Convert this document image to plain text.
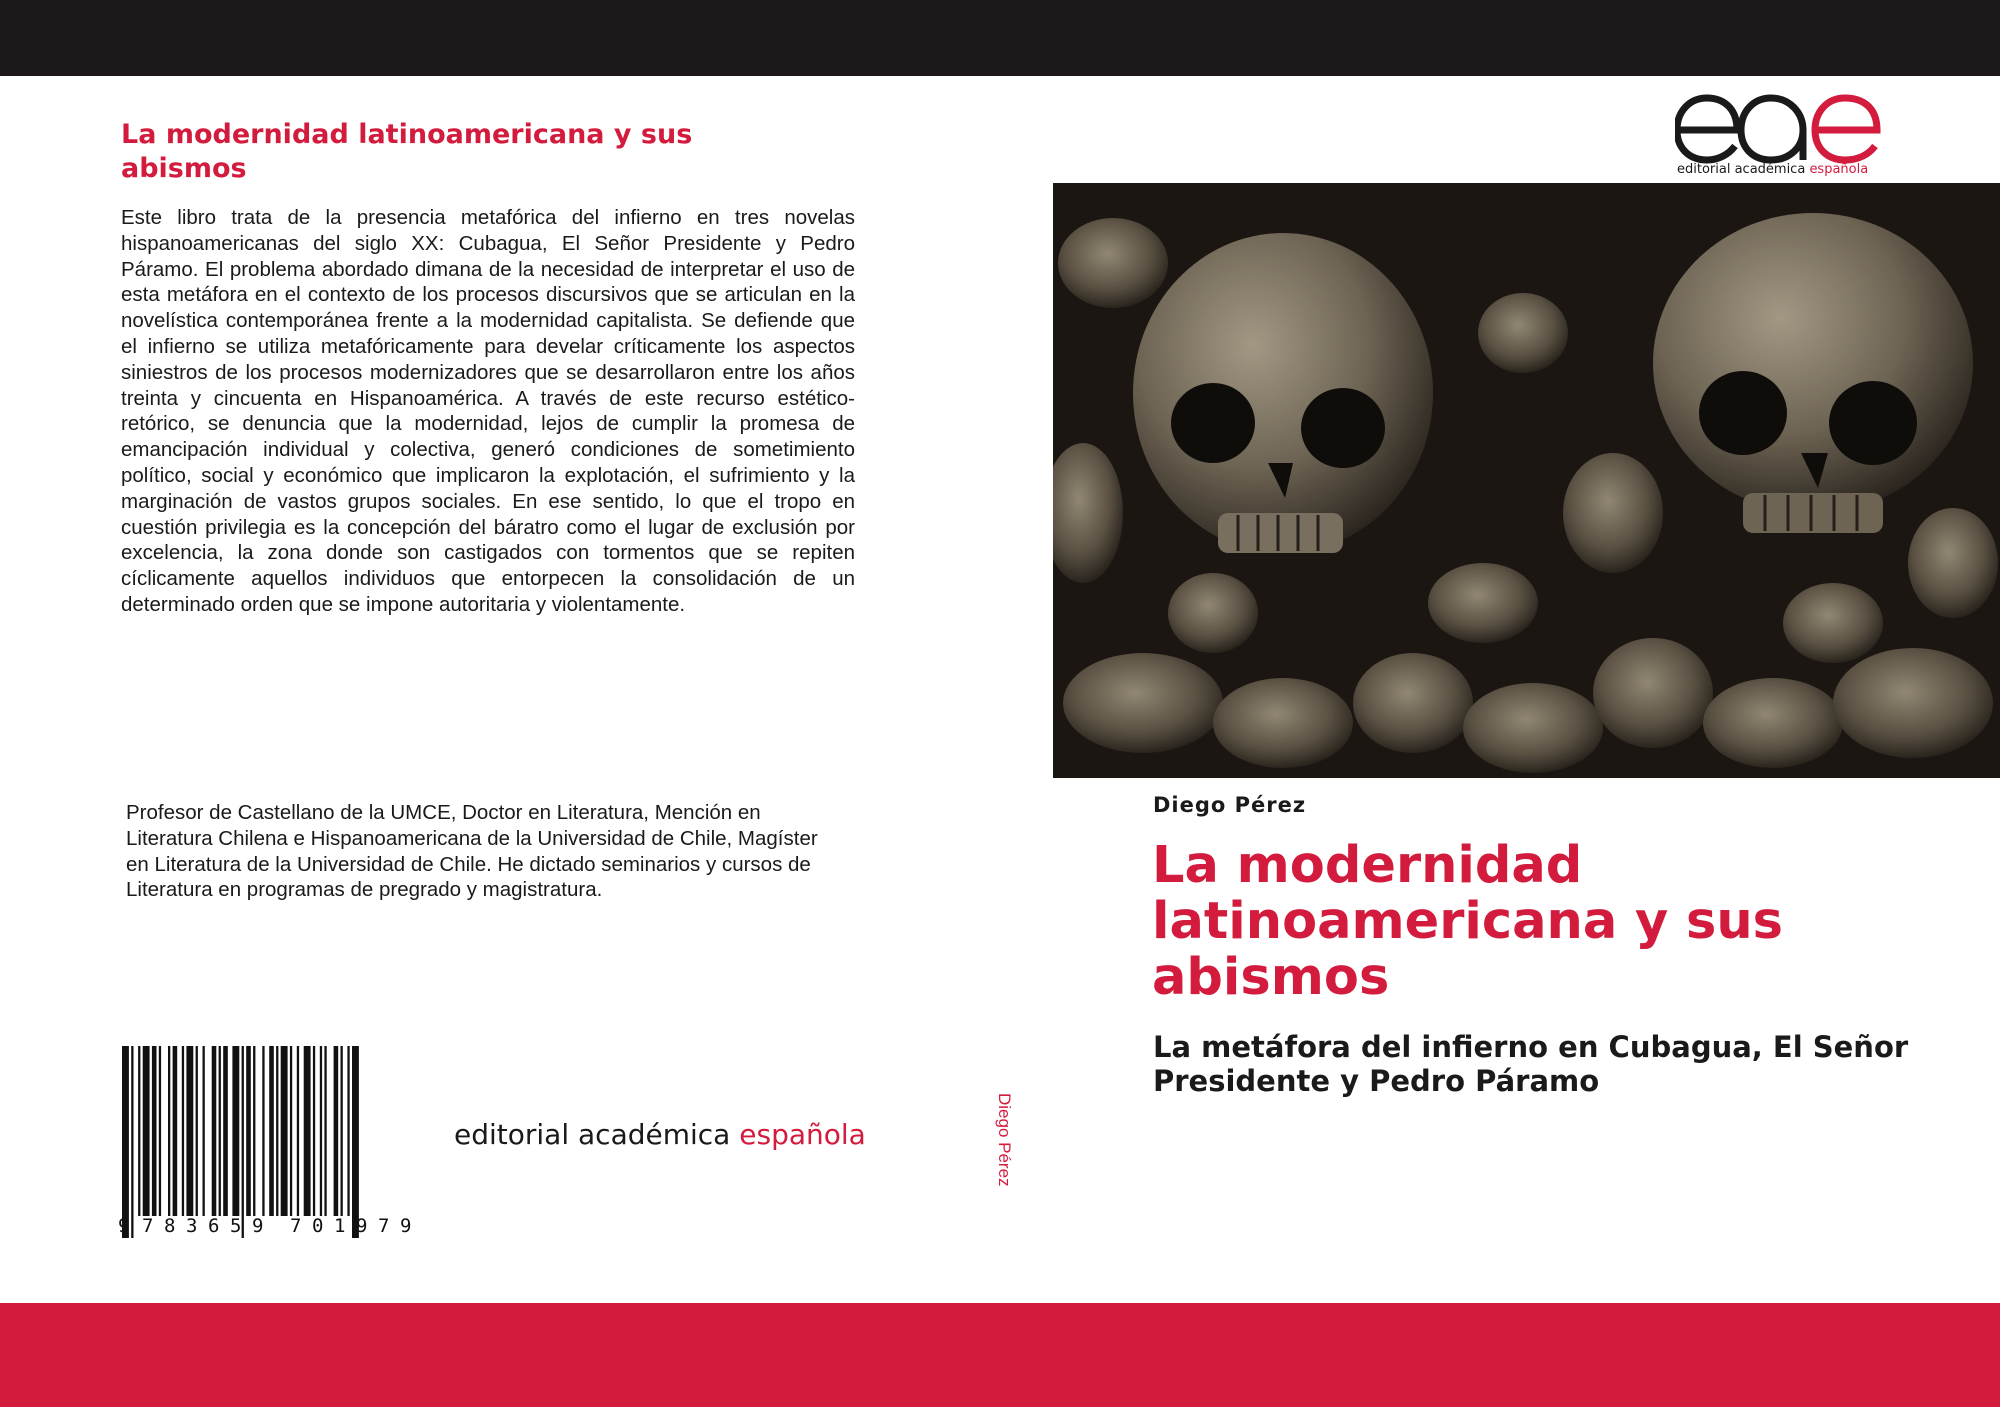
La modernidad latinoamericana y sus abismos

Este libro trata de la presencia metafórica del infierno en tres novelas hispanoamericanas del siglo XX: Cubagua, El Señor Presidente y Pedro Páramo. El problema abordado dimana de la necesidad de interpretar el uso de esta metáfora en el contexto de los procesos discursivos que se articulan en la novelística contemporánea frente a la modernidad capitalista. Se defiende que el infierno se utiliza metafóricamente para develar críticamente los aspectos siniestros de los procesos modernizadores que se desarrollaron entre los años treinta y cincuenta en Hispanoamérica. A través de este recurso estético-retórico, se denuncia que la modernidad, lejos de cumplir la promesa de emancipación individual y colectiva, generó condiciones de sometimiento político, social y económico que implicaron la explotación, el sufrimiento y la marginación de vastos grupos sociales. En ese sentido, lo que el tropo en cuestión privilegia es la concepción del báratro como el lugar de exclusión por excelencia, la zona donde son castigados con tormentos que se repiten cíclicamente aquellos individuos que entorpecen la consolidación de un determinado orden que se impone autoritaria y violentamente.

Profesor de Castellano de la UMCE, Doctor en Literatura, Mención en Literatura Chilena e Hispanoamericana de la Universidad de Chile, Magíster en Literatura de la Universidad de Chile. He dictado seminarios y cursos de Literatura en programas de pregrado y magistratura.

9 7 8 3 6 5 9 7 0 1 9 7 9
editorial académica española	Diego Pérez
editorial académica española
Diego Pérez
La modernidad latinoamericana y sus abismos
La metáfora del infierno en Cubagua, El Señor Presidente y Pedro Páramo
